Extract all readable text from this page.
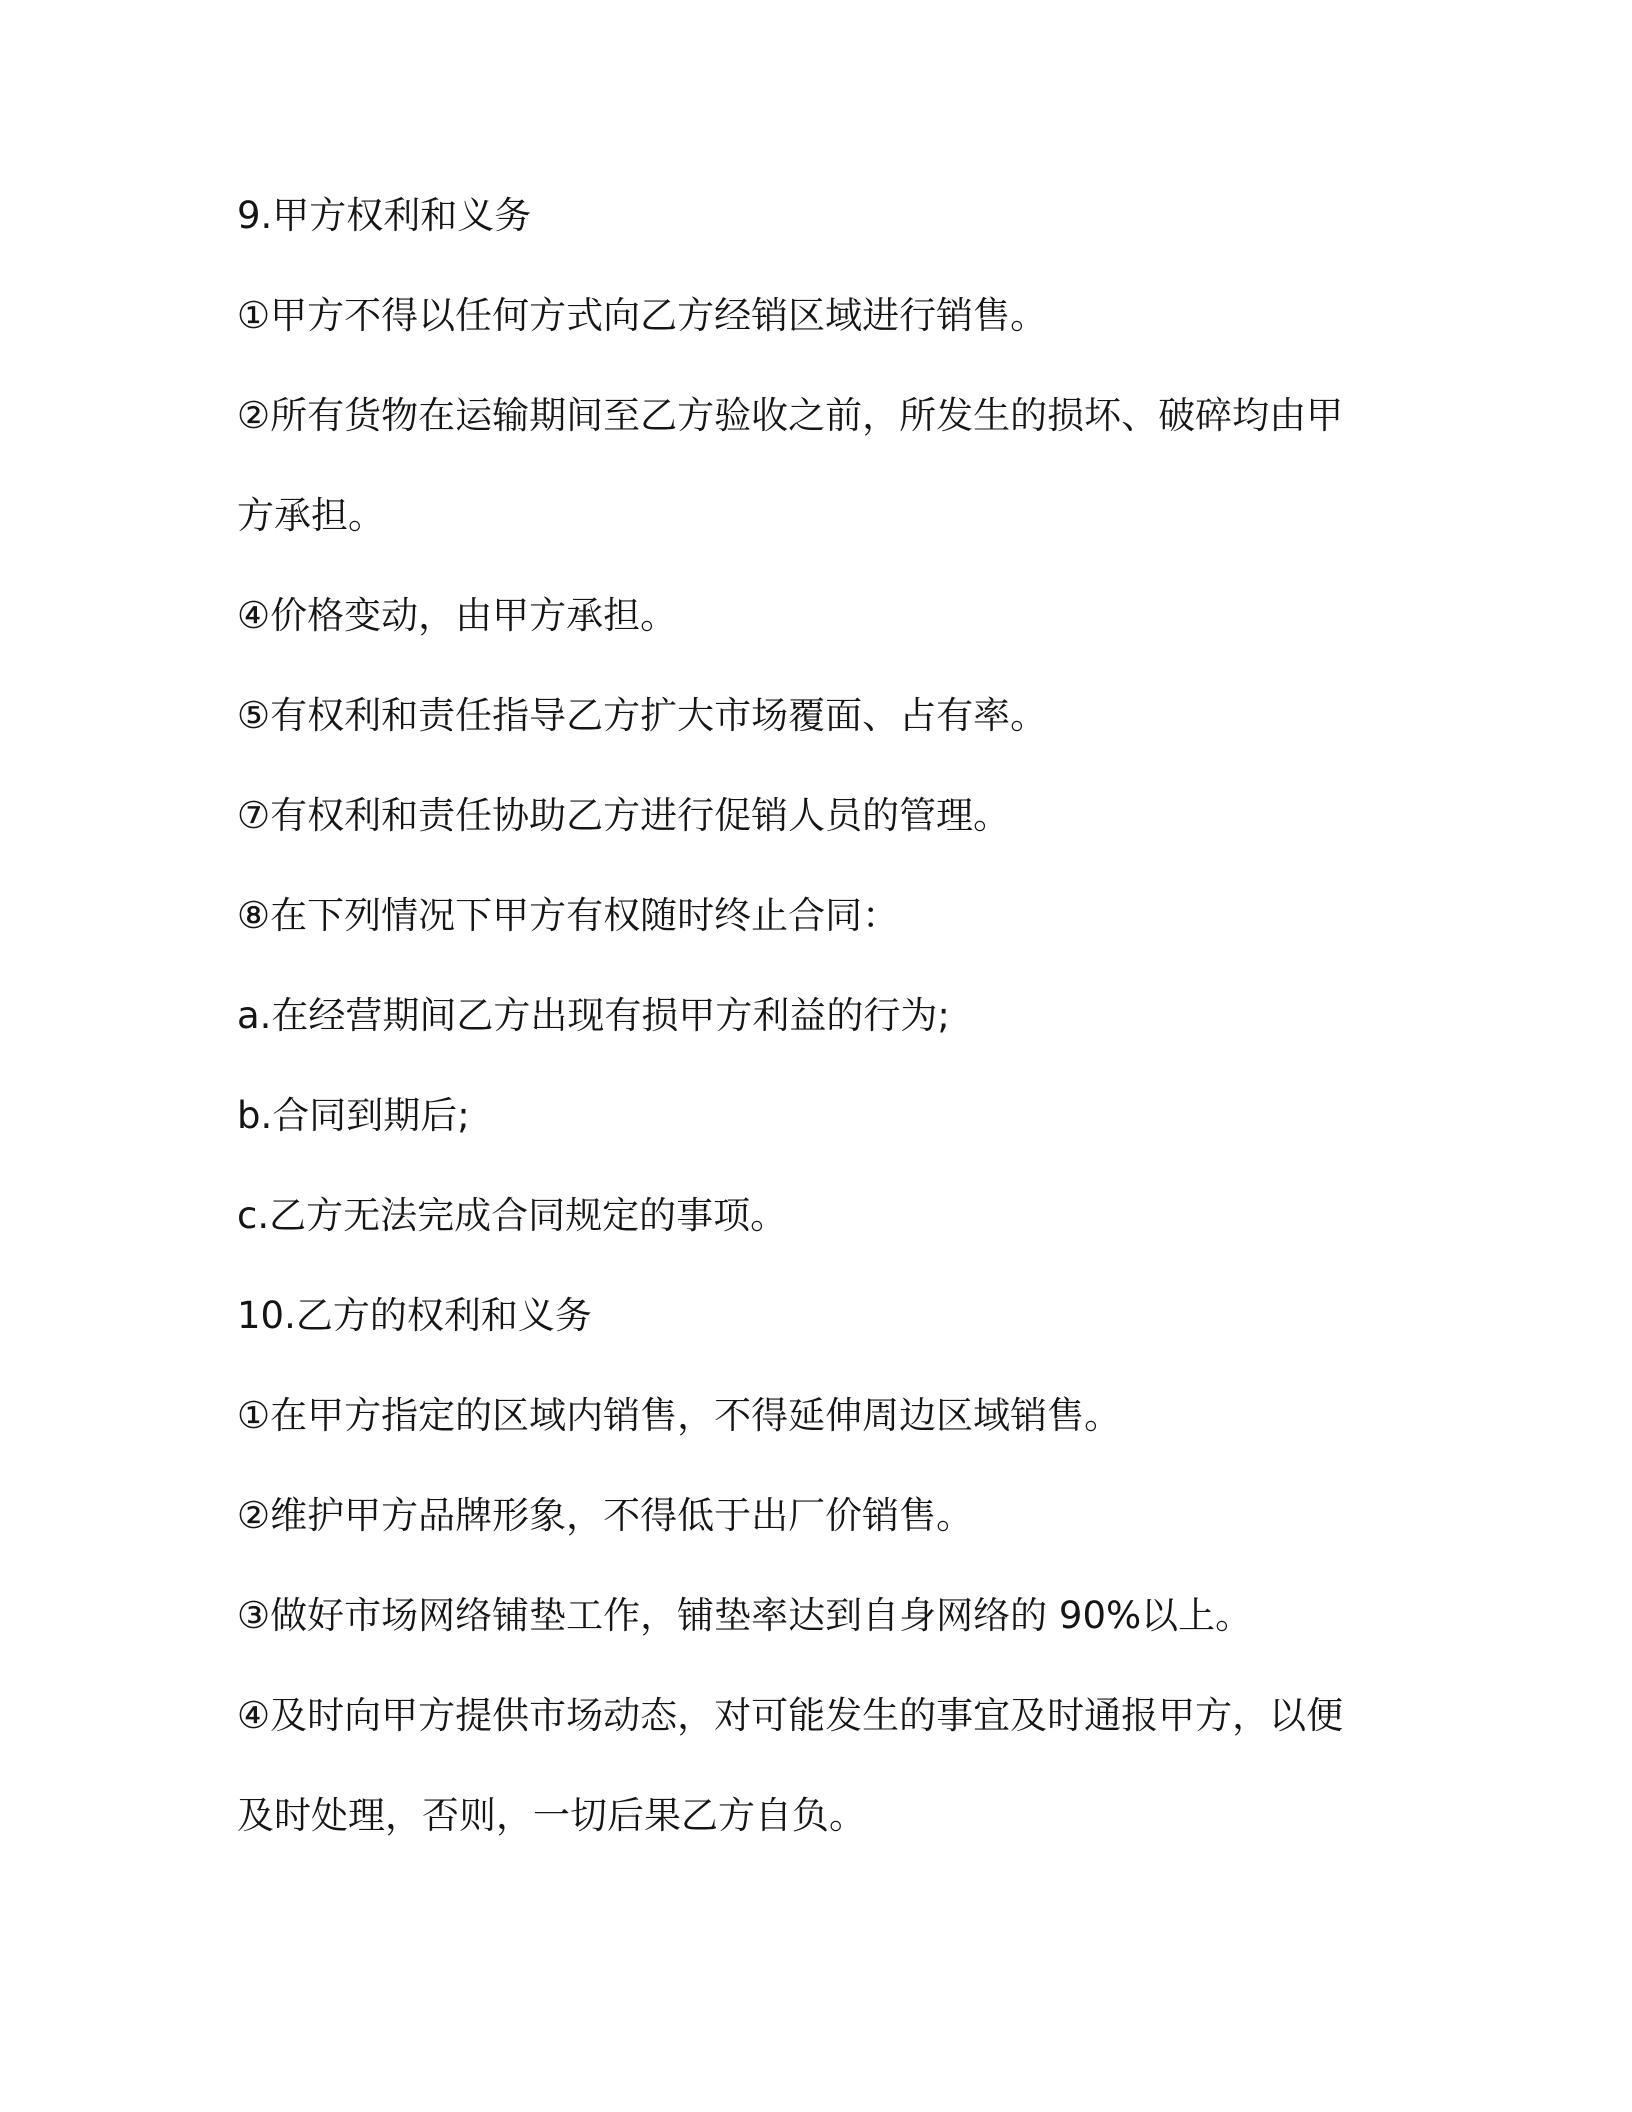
9.甲方权利和义务
①甲方不得以任何方式向乙方经销区域进行销售。
②所有货物在运输期间至乙方验收之前，所发生的损坏、破碎均由甲
方承担。
④价格变动，由甲方承担。
⑤有权利和责任指导乙方扩大市场覆面、占有率。
⑦有权利和责任协助乙方进行促销人员的管理。
⑧在下列情况下甲方有权随时终止合同：
a.在经营期间乙方出现有损甲方利益的行为;
b.合同到期后;
c.乙方无法完成合同规定的事项。
10.乙方的权利和义务
①在甲方指定的区域内销售，不得延伸周边区域销售。
②维护甲方品牌形象，不得低于出厂价销售。
③做好市场网络铺垫工作，铺垫率达到自身网络的 90%以上。
④及时向甲方提供市场动态，对可能发生的事宜及时通报甲方，以便
及时处理，否则，一切后果乙方自负。
